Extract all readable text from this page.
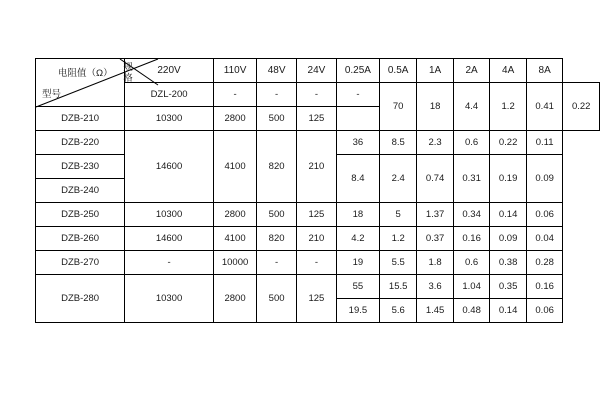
电阻值（Ω）
规
格
型号	220V	110V	48V	24V	0.25A	0.5A	1A	2A	4A	8A	
	DZL-200	-	-	-	-	70	18	4.4	1.2	0.41	0.22
DZB-210	10300	2800	500	125							
DZB-220	14600	4100	820	210	36	8.5	2.3	0.6	0.22	0.11	
DZB-230					8.4	2.4	0.74	0.31	0.19	0.09	
DZB-240											
DZB-250	10300	2800	500	125	18	5	1.37	0.34	0.14	0.06	
DZB-260	14600	4100	820	210	4.2	1.2	0.37	0.16	0.09	0.04	
DZB-270	-	10000	-	-	19	5.5	1.8	0.6	0.38	0.28	
DZB-280	10300	2800	500	125	55	15.5	3.6	1.04	0.35	0.16	
					19.5	5.6	1.45	0.48	0.14	0.06	
